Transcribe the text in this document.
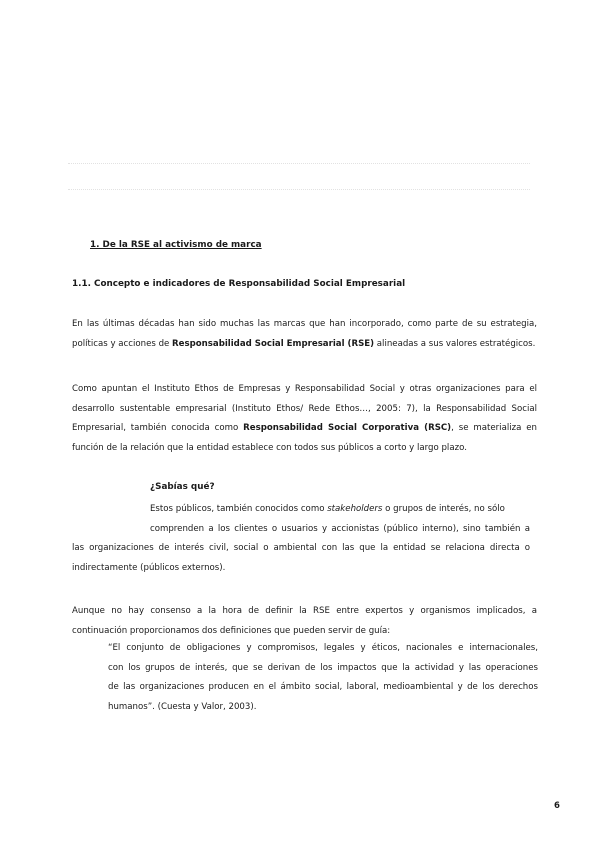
1. De la RSE al activismo de marca

1.1. Concepto e indicadores de Responsabilidad Social Empresarial

En las últimas décadas han sido muchas las marcas que han incorporado, como parte de su estrategia,
políticas y acciones de Responsabilidad Social Empresarial (RSE) alineadas a sus valores estratégicos.
Como apuntan el Instituto Ethos de Empresas y Responsabilidad Social y otras organizaciones para el
desarrollo sustentable empresarial (Instituto Ethos/ Rede Ethos…, 2005: 7), la Responsabilidad Social
Empresarial, también conocida como Responsabilidad Social Corporativa (RSC), se materializa en
función de la relación que la entidad establece con todos sus públicos a corto y largo plazo.

¿Sabías qué?

Estos públicos, también conocidos como stakeholders o grupos de interés, no sólo
comprenden a los clientes o usuarios y accionistas (público interno), sino también a
las organizaciones de interés civil, social o ambiental con las que la entidad se relaciona directa o
indirectamente (públicos externos).
Aunque no hay consenso a la hora de definir la RSE entre expertos y organismos implicados, a
continuación proporcionamos dos definiciones que pueden servir de guía:
“El conjunto de obligaciones y compromisos, legales y éticos, nacionales e internacionales,
con los grupos de interés, que se derivan de los impactos que la actividad y las operaciones
de las organizaciones producen en el ámbito social, laboral, medioambiental y de los derechos
humanos”. (Cuesta y Valor, 2003).

6
